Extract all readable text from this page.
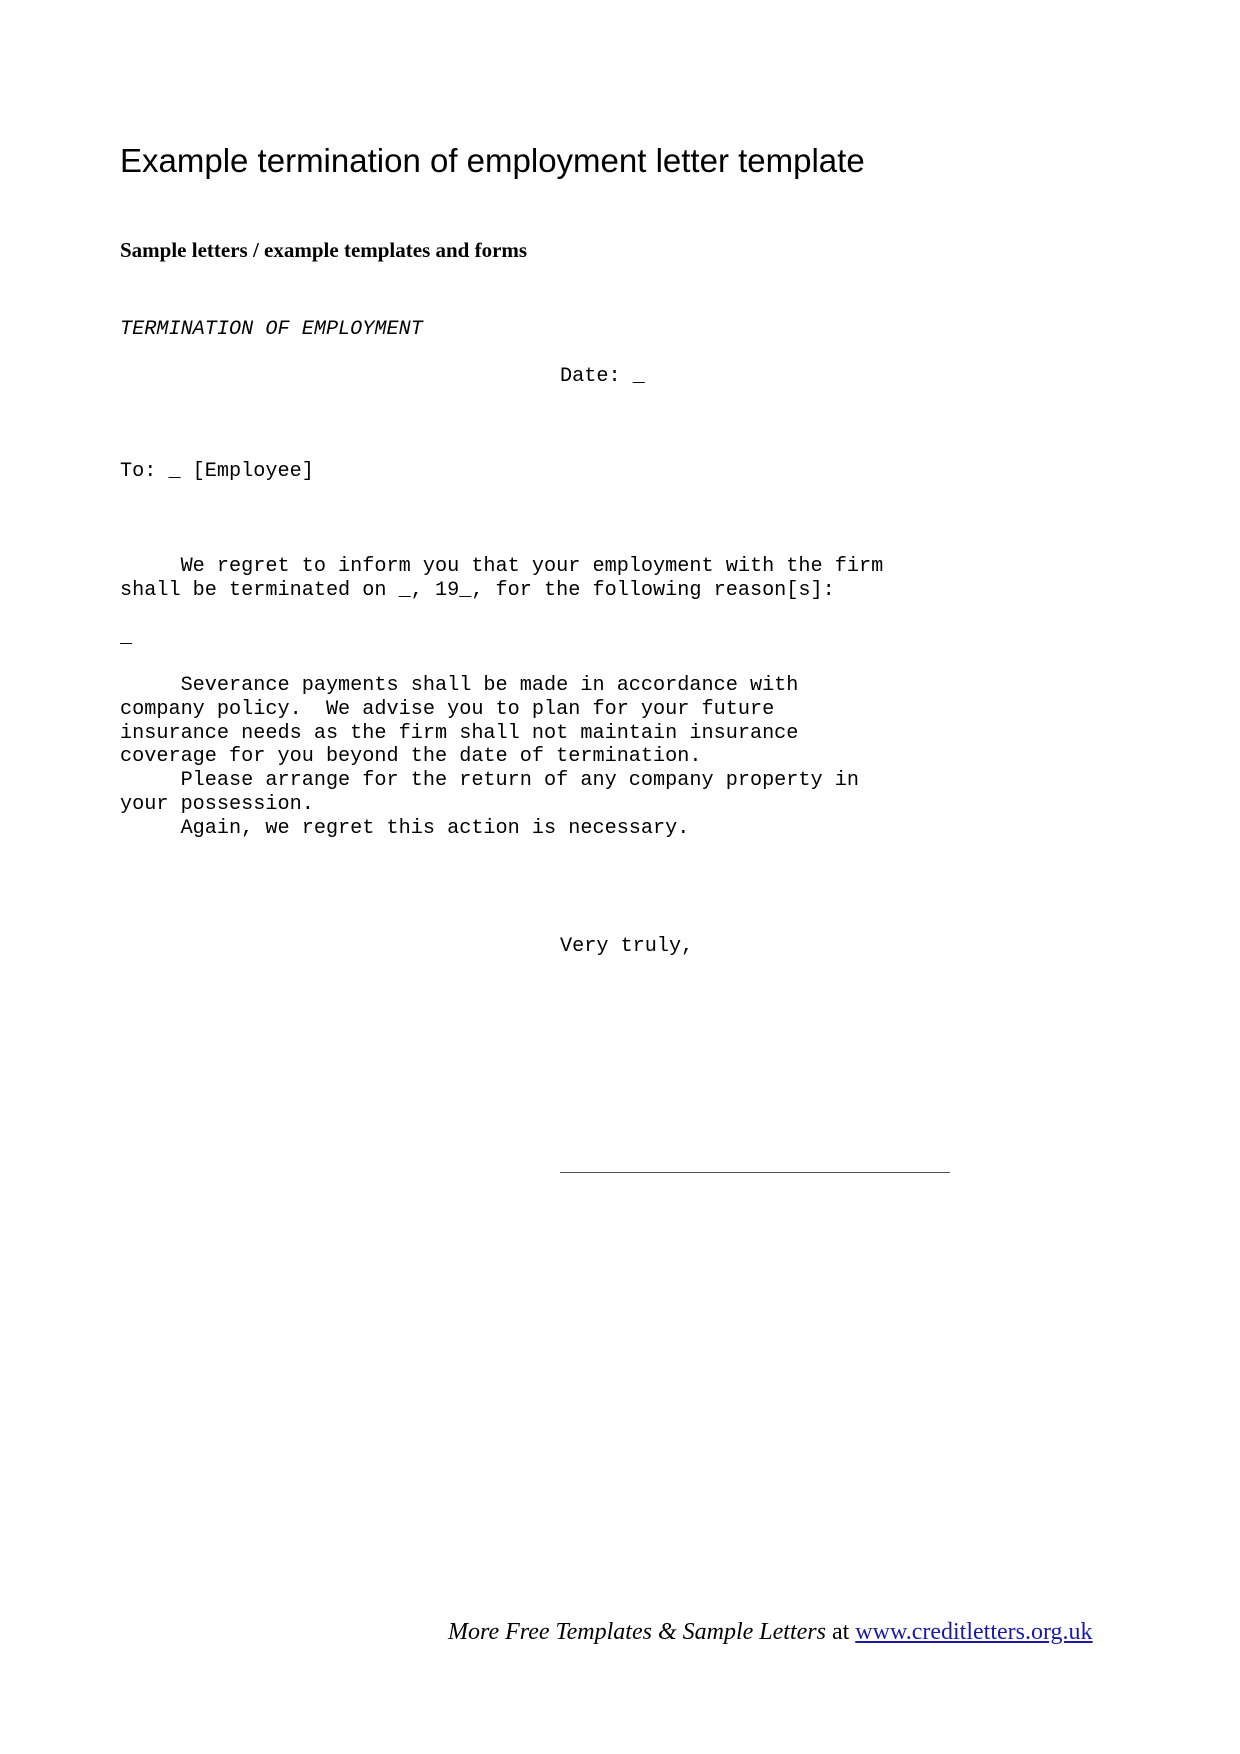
Example termination of employment letter template
Sample letters / example templates and forms
TERMINATION OF EMPLOYMENT
Date: _
To: _ [Employee]
We regret to inform you that your employment with the firm
shall be terminated on _, 19_, for the following reason[s]:
_
Severance payments shall be made in accordance with
company policy.  We advise you to plan for your future
insurance needs as the firm shall not maintain insurance
coverage for you beyond the date of termination.
Please arrange for the return of any company property in
your possession.
Again, we regret this action is necessary.
Very truly,
More Free Templates & Sample Letters at www.creditletters.org.uk
